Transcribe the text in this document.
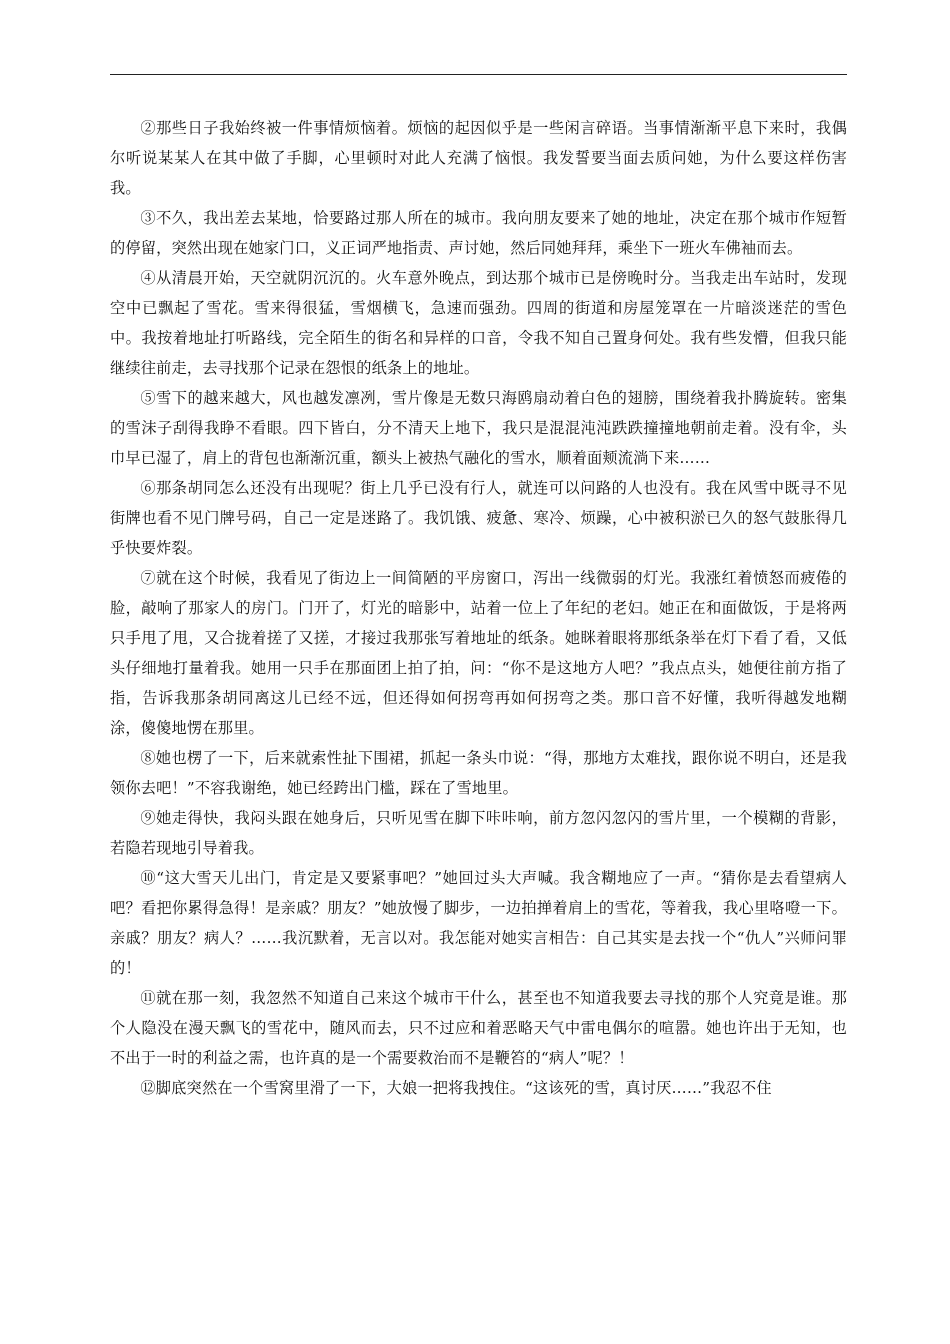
②那些日子我始终被一件事情烦恼着。烦恼的起因似乎是一些闲言碎语。当事情渐渐平息下来时，我偶尔听说某某人在其中做了手脚，心里顿时对此人充满了恼恨。我发誓要当面去质问她，为什么要这样伤害我。

③不久，我出差去某地，恰要路过那人所在的城市。我向朋友要来了她的地址，决定在那个城市作短暂的停留，突然出现在她家门口，义正词严地指责、声讨她，然后同她拜拜，乘坐下一班火车佛袖而去。

④从清晨开始，天空就阴沉沉的。火车意外晚点，到达那个城市已是傍晚时分。当我走出车站时，发现空中已飘起了雪花。雪来得很猛，雪烟横飞，急速而强劲。四周的街道和房屋笼罩在一片暗淡迷茫的雪色中。我按着地址打听路线，完全陌生的街名和异样的口音，令我不知自己置身何处。我有些发懵，但我只能继续往前走，去寻找那个记录在怨恨的纸条上的地址。

⑤雪下的越来越大，风也越发凛冽，雪片像是无数只海鸥扇动着白色的翅膀，围绕着我扑腾旋转。密集的雪沫子刮得我睁不看眼。四下皆白，分不清天上地下，我只是混混沌沌跌跌撞撞地朝前走着。没有伞，头巾早已湿了，肩上的背包也渐渐沉重，额头上被热气融化的雪水，顺着面颊流淌下来……

⑥那条胡同怎么还没有出现呢？街上几乎已没有行人，就连可以问路的人也没有。我在风雪中既寻不见街牌也看不见门牌号码，自己一定是迷路了。我饥饿、疲惫、寒冷、烦躁，心中被积淤已久的怒气鼓胀得几乎快要炸裂。

⑦就在这个时候，我看见了街边上一间简陋的平房窗口，泻出一线微弱的灯光。我涨红着愤怒而疲倦的脸，敲响了那家人的房门。门开了，灯光的暗影中，站着一位上了年纪的老妇。她正在和面做饭，于是将两只手甩了甩，又合拢着搓了又搓，才接过我那张写着地址的纸条。她眯着眼将那纸条举在灯下看了看，又低头仔细地打量着我。她用一只手在那面团上拍了拍，问：“你不是这地方人吧？”我点点头，她便往前方指了指，告诉我那条胡同离这儿已经不远，但还得如何拐弯再如何拐弯之类。那口音不好懂，我听得越发地糊涂，傻傻地愣在那里。

⑧她也楞了一下，后来就索性扯下围裙，抓起一条头巾说：“得，那地方太难找，跟你说不明白，还是我领你去吧！”不容我谢绝，她已经跨出门槛，踩在了雪地里。

⑨她走得快，我闷头跟在她身后，只听见雪在脚下咔咔响，前方忽闪忽闪的雪片里，一个模糊的背影，若隐若现地引导着我。

⑩“这大雪天儿出门，肯定是又要紧事吧？”她回过头大声喊。我含糊地应了一声。“猜你是去看望病人吧？看把你累得急得！是亲戚？朋友？”她放慢了脚步，一边拍掸着肩上的雪花，等着我，我心里咯噔一下。亲戚？朋友？病人？……我沉默着，无言以对。我怎能对她实言相告：自己其实是去找一个“仇人”兴师问罪的！

⑪就在那一刻，我忽然不知道自己来这个城市干什么，甚至也不知道我要去寻找的那个人究竟是谁。那个人隐没在漫天飘飞的雪花中，随风而去，只不过应和着恶略天气中雷电偶尔的喧嚣。她也许出于无知，也不出于一时的利益之需，也许真的是一个需要救治而不是鞭笞的“病人”呢？！

⑫脚底突然在一个雪窝里滑了一下，大娘一把将我拽住。“这该死的雪，真讨厌……”我忍不住
